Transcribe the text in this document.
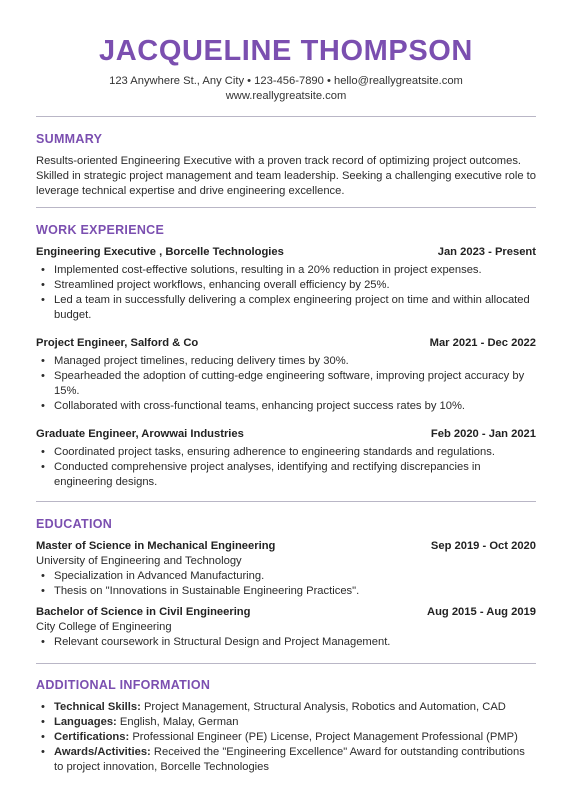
JACQUELINE THOMPSON
123 Anywhere St., Any City • 123-456-7890 • hello@reallygreatsite.com
www.reallygreatsite.com
SUMMARY

Results-oriented Engineering Executive with a proven track record of optimizing project outcomes. Skilled in strategic project management and team leadership. Seeking a challenging executive role to leverage technical expertise and drive engineering excellence.

WORK EXPERIENCE
Engineering Executive , Borcelle Technologies	Jan 2023 - Present
• Implemented cost-effective solutions, resulting in a 20% reduction in project expenses.
• Streamlined project workflows, enhancing overall efficiency by 25%.
• Led a team in successfully delivering a complex engineering project on time and within allocated budget.
Project Engineer, Salford & Co	Mar 2021 - Dec 2022
• Managed project timelines, reducing delivery times by 30%.
• Spearheaded the adoption of cutting-edge engineering software, improving project accuracy by 15%.
• Collaborated with cross-functional teams, enhancing project success rates by 10%.
Graduate Engineer, Arowwai Industries	Feb 2020 - Jan 2021
• Coordinated project tasks, ensuring adherence to engineering standards and regulations.
• Conducted comprehensive project analyses, identifying and rectifying discrepancies in engineering designs.
EDUCATION
Master of Science in Mechanical Engineering	Sep 2019 - Oct 2020
University of Engineering and Technology
• Specialization in Advanced Manufacturing.
• Thesis on "Innovations in Sustainable Engineering Practices".
Bachelor of Science in Civil Engineering	Aug 2015 - Aug 2019
City College of Engineering
• Relevant coursework in Structural Design and Project Management.
ADDITIONAL INFORMATION
• Technical Skills: Project Management, Structural Analysis, Robotics and Automation, CAD
• Languages: English, Malay, German
• Certifications: Professional Engineer (PE) License, Project Management Professional (PMP)
• Awards/Activities: Received the "Engineering Excellence" Award for outstanding contributions to project innovation, Borcelle Technologies
